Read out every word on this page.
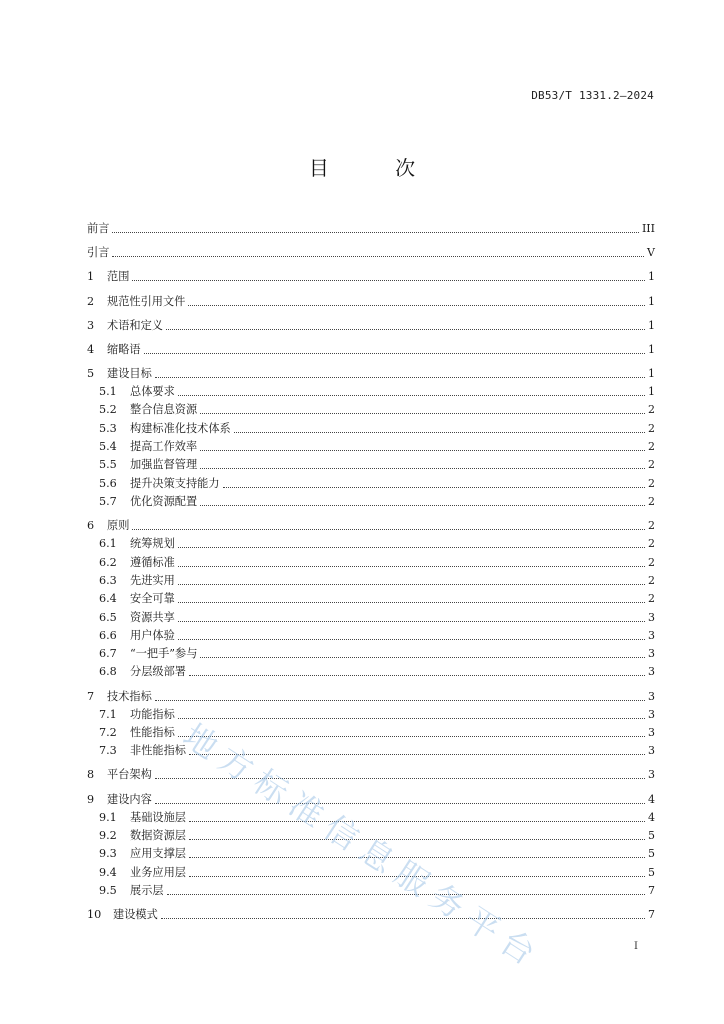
DB53/T 1331.2—2024
目 次
前言	III
引言	V
1	范围	1
2	规范性引用文件	1
3	术语和定义	1
4	缩略语	1
5	建设目标	1
5.1	总体要求	1
5.2	整合信息资源	2
5.3	构建标准化技术体系	2
5.4	提高工作效率	2
5.5	加强监督管理	2
5.6	提升决策支持能力	2
5.7	优化资源配置	2
6	原则	2
6.1	统筹规划	2
6.2	遵循标准	2
6.3	先进实用	2
6.4	安全可靠	2
6.5	资源共享	3
6.6	用户体验	3
6.7	“一把手”参与	3
6.8	分层级部署	3
7	技术指标	3
7.1	功能指标	3
7.2	性能指标	3
7.3	非性能指标	3
8	平台架构	3
9	建设内容	4
9.1	基础设施层	4
9.2	数据资源层	5
9.3	应用支撑层	5
9.4	业务应用层	5
9.5	展示层	7
10	建设模式	7
I
地方标准信息服务平台
